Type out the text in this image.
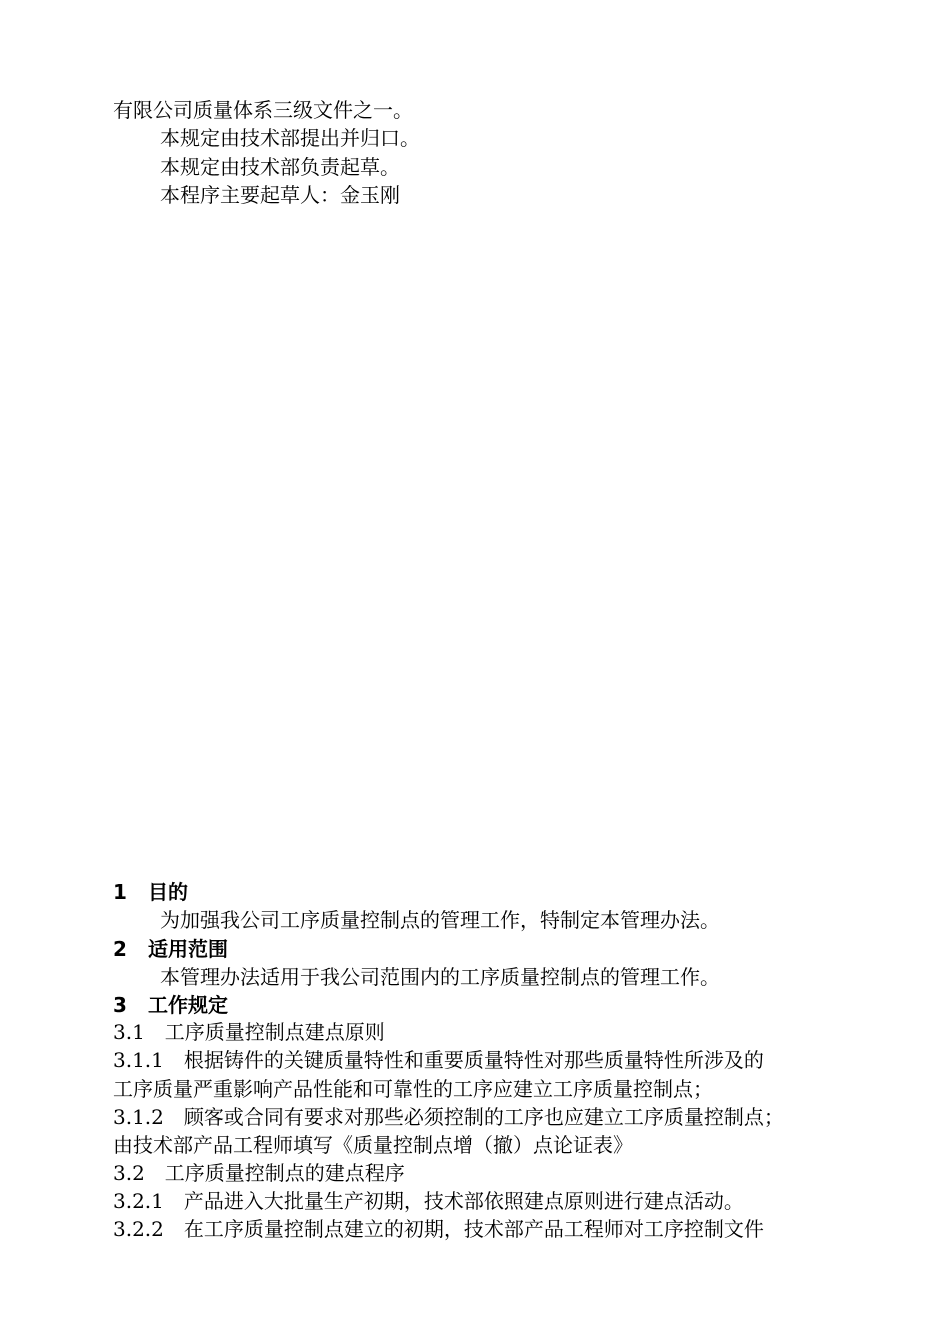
有限公司质量体系三级文件之一。
本规定由技术部提出并归口。
本规定由技术部负责起草。
本程序主要起草人：金玉刚
1 目的
为加强我公司工序质量控制点的管理工作，特制定本管理办法。
2 适用范围
本管理办法适用于我公司范围内的工序质量控制点的管理工作。
3 工作规定
3.1　工序质量控制点建点原则
3.1.1　根据铸件的关键质量特性和重要质量特性对那些质量特性所涉及的
工序质量严重影响产品性能和可靠性的工序应建立工序质量控制点；
3.1.2　顾客或合同有要求对那些必须控制的工序也应建立工序质量控制点；
由技术部产品工程师填写《质量控制点增（撤）点论证表》
3.2　工序质量控制点的建点程序
3.2.1　产品进入大批量生产初期，技术部依照建点原则进行建点活动。
3.2.2　在工序质量控制点建立的初期，技术部产品工程师对工序控制文件
